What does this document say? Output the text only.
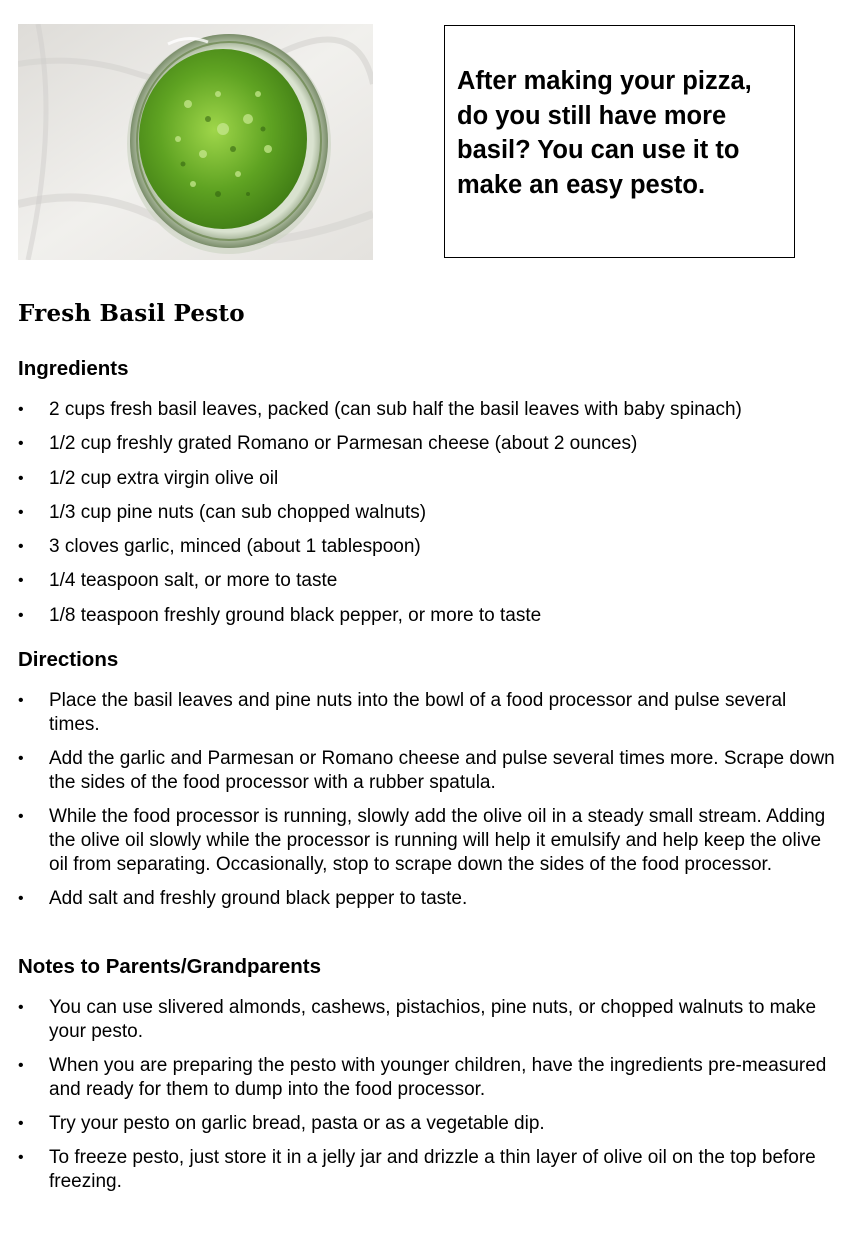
After making your pizza, do you still have more basil? You can use it to make an easy pesto.
Fresh Basil Pesto
Ingredients
• 2 cups fresh basil leaves, packed (can sub half the basil leaves with baby spinach)
• 1/2 cup freshly grated Romano or Parmesan cheese (about 2 ounces)
• 1/2 cup extra virgin olive oil
• 1/3 cup pine nuts (can sub chopped walnuts)
• 3 cloves garlic, minced (about 1 tablespoon)
• 1/4 teaspoon salt, or more to taste
• 1/8 teaspoon freshly ground black pepper, or more to taste
Directions
• Place the basil leaves and pine nuts into the bowl of a food processor and pulse several times.
• Add the garlic and Parmesan or Romano cheese and pulse several times more. Scrape down the sides of the food processor with a rubber spatula.
• While the food processor is running, slowly add the olive oil in a steady small stream. Adding the olive oil slowly while the processor is running will help it emulsify and help keep the olive oil from separating. Occasionally, stop to scrape down the sides of the food processor.
• Add salt and freshly ground black pepper to taste.
Notes to Parents/Grandparents
• You can use slivered almonds, cashews, pistachios, pine nuts, or chopped walnuts to make your pesto.
• When you are preparing the pesto with younger children, have the ingredients pre-measured and ready for them to dump into the food processor.
• Try your pesto on garlic bread, pasta or as a vegetable dip.
• To freeze pesto, just store it in a jelly jar and drizzle a thin layer of olive oil on the top before freezing.
